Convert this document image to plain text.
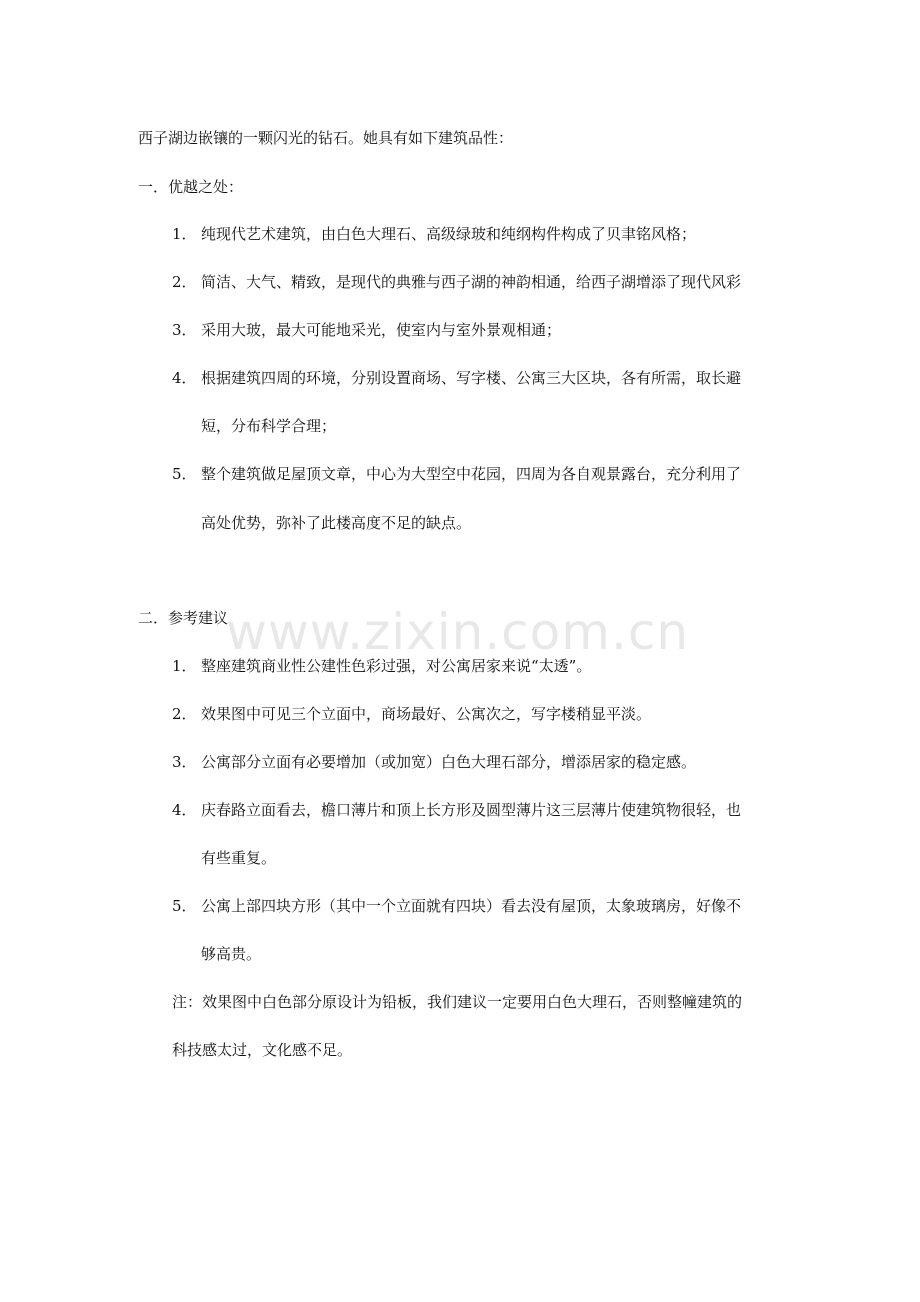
西子湖边嵌镶的一颗闪光的钻石。她具有如下建筑品性：
一．优越之处：
1． 纯现代艺术建筑，由白色大理石、高级绿玻和纯纲构件构成了贝聿铭风格；
2． 简洁、大气、精致，是现代的典雅与西子湖的神韵相通，给西子湖增添了现代风彩
3． 采用大玻，最大可能地采光，使室内与室外景观相通；
4． 根据建筑四周的环境，分别设置商场、写字楼、公寓三大区块，各有所需，取长避
短，分布科学合理；
5． 整个建筑做足屋顶文章，中心为大型空中花园，四周为各自观景露台，充分利用了
高处优势，弥补了此楼高度不足的缺点。
二．参考建议
1． 整座建筑商业性公建性色彩过强，对公寓居家来说“太透”。
2． 效果图中可见三个立面中，商场最好、公寓次之，写字楼稍显平淡。
3． 公寓部分立面有必要增加（或加宽）白色大理石部分，增添居家的稳定感。
4． 庆春路立面看去，檐口薄片和顶上长方形及圆型薄片这三层薄片使建筑物很轻，也
有些重复。
5． 公寓上部四块方形（其中一个立面就有四块）看去没有屋顶，太象玻璃房，好像不
够高贵。
注：效果图中白色部分原设计为铅板，我们建议一定要用白色大理石，否则整幢建筑的
科技感太过，文化感不足。
www.zixin.com.cn
